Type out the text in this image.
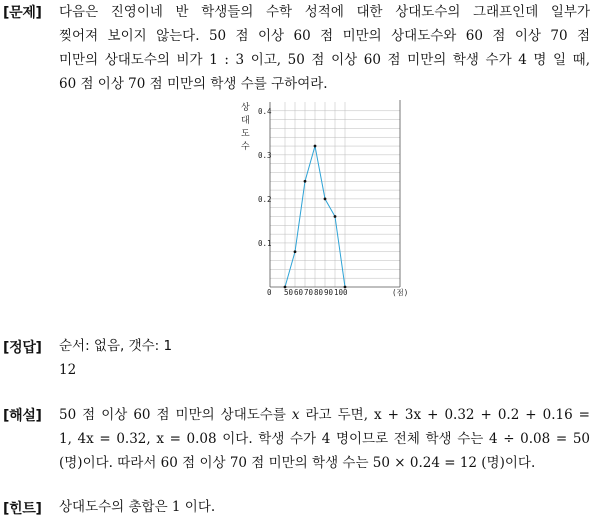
[문제] 다음은 진영이네 반 학생들의 수학 성적에 대한 상대도수의 그래프인데 일부가
찢어져 보이지 않는다. 50 점 이상 60 점 미만의 상대도수와 60 점 이상 70 점
미만의 상대도수의 비가 1 : 3 이고, 50 점 이상 60 점 미만의 학생 수가 4 명 일 때,
60 점 이상 70 점 미만의 학생 수를 구하여라.
0.1
0.2
0.3
0.4
0 50 60 70 80 90 100	(점)
상
대
도
수
[정답] 순서: 없음, 갯수: 1
12
[해설] 50 점 이상 60 점 미만의 상대도수를 x 라고 두면, x + 3x + 0.32 + 0.2 + 0.16 =
1, 4x = 0.32, x = 0.08 이다. 학생 수가 4 명이므로 전체 학생 수는 4 ÷ 0.08 = 50
(명)이다. 따라서 60 점 이상 70 점 미만의 학생 수는 50 × 0.24 = 12 (명)이다.
[힌트] 상대도수의 총합은 1 이다.
